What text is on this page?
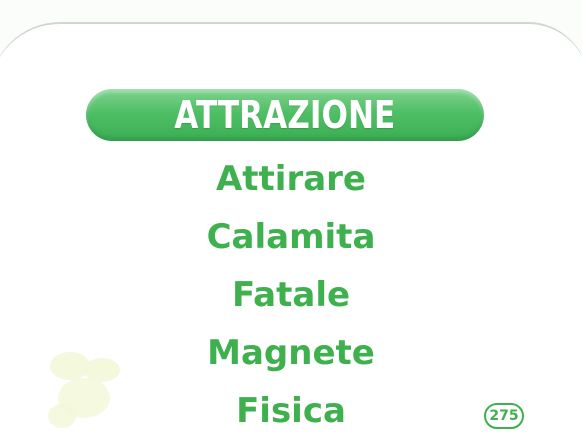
ATTRAZIONE
Attirare
Calamita
Fatale
Magnete
Fisica	275
